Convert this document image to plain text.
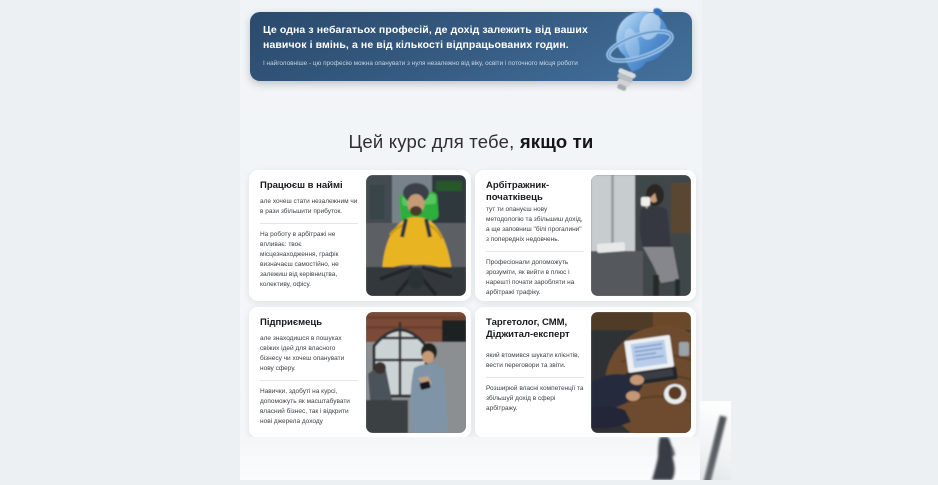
Це одна з небагатьох професій, де дохід залежить від ваших навичок і вмінь, а не від кількості відпрацьованих годин.
І найголовніше - цю професію можна опанувати з нуля незалежно від віку, освіти і поточного місця роботи
Цей курс для тебе, якщо ти
Працюєш в наймі

але хочеш стати незалежним чи в рази збільшити прибуток.

На роботу в арбітражі не впливає: твоє місцезнаходження, графік визначаєш самостійно, не залежиш від керівництва, колективу, офісу.

Арбітражник-початківець

тут ти опануєш нову методологію та збільшиш дохід, а ще заповниш "білі прогалини" з попередніх недовчень.

Професіонали допоможуть зрозуміти, як вийти в плюс і нарешті почати заробляти на арбітражі трафіку.

Підприємець

але знаходишся в пошуках свіжих ідей для власного бізнесу чи хочеш опанувати нову сферу.

Навички, здобуті на курсі, допоможуть як масштабувати власний бізнес, так і відкрити нові джерела доходу

Таргетолог, СММ, Діджитал-експерт

який втомився шукати клієнтів, вести переговори та звіти.

Розширюй власні компетенції та збільшуй дохід в сфері арбітражу.
